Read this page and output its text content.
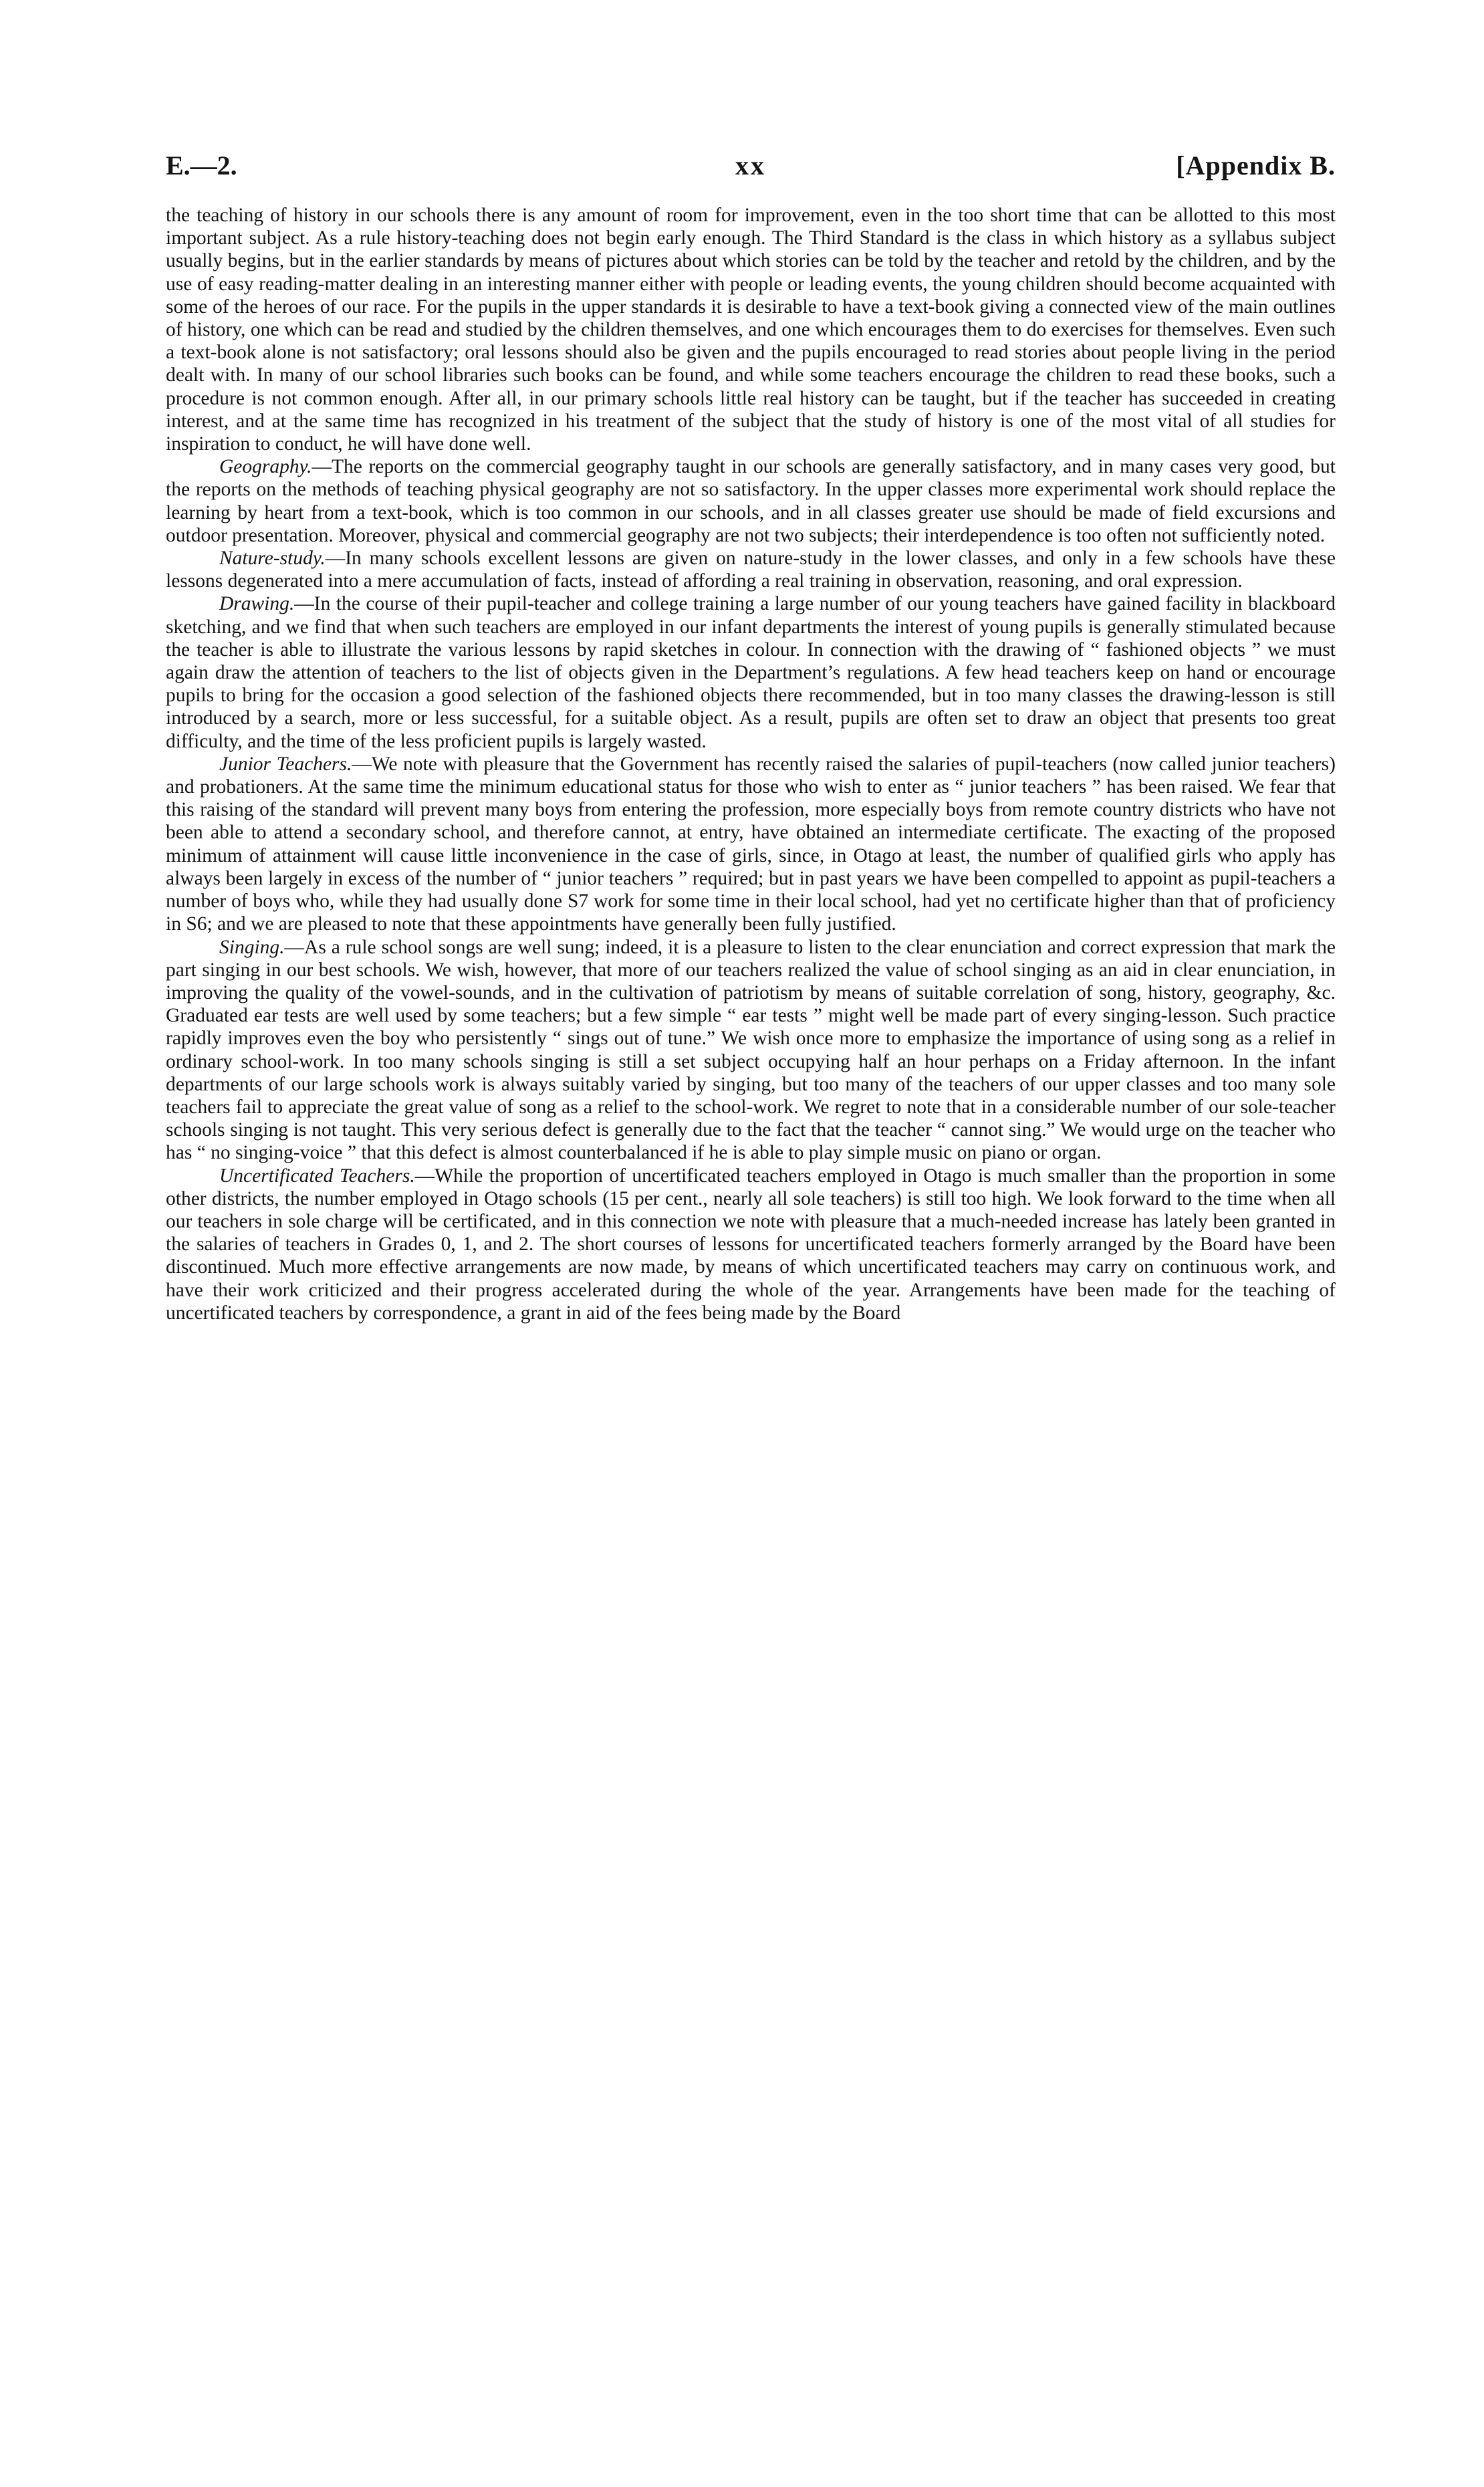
E.—2.	xx	[Appendix B.

the teaching of history in our schools there is any amount of room for improvement, even in the too short time that can be allotted to this most important subject. As a rule history-teaching does not begin early enough. The Third Standard is the class in which history as a syllabus subject usually begins, but in the earlier standards by means of pictures about which stories can be told by the teacher and retold by the children, and by the use of easy reading-matter dealing in an interesting manner either with people or leading events, the young children should become acquainted with some of the heroes of our race. For the pupils in the upper standards it is desirable to have a text-book giving a connected view of the main outlines of history, one which can be read and studied by the children themselves, and one which encourages them to do exercises for themselves. Even such a text-book alone is not satisfactory; oral lessons should also be given and the pupils encouraged to read stories about people living in the period dealt with. In many of our school libraries such books can be found, and while some teachers encourage the children to read these books, such a procedure is not common enough. After all, in our primary schools little real history can be taught, but if the teacher has succeeded in creating interest, and at the same time has recognized in his treatment of the subject that the study of history is one of the most vital of all studies for inspiration to conduct, he will have done well.

Geography.—The reports on the commercial geography taught in our schools are generally satisfactory, and in many cases very good, but the reports on the methods of teaching physical geography are not so satisfactory. In the upper classes more experimental work should replace the learning by heart from a text-book, which is too common in our schools, and in all classes greater use should be made of field excursions and outdoor presentation. Moreover, physical and commercial geography are not two subjects; their interdependence is too often not sufficiently noted.

Nature-study.—In many schools excellent lessons are given on nature-study in the lower classes, and only in a few schools have these lessons degenerated into a mere accumulation of facts, instead of affording a real training in observation, reasoning, and oral expression.

Drawing.—In the course of their pupil-teacher and college training a large number of our young teachers have gained facility in blackboard sketching, and we find that when such teachers are employed in our infant departments the interest of young pupils is generally stimulated because the teacher is able to illustrate the various lessons by rapid sketches in colour. In connection with the drawing of “ fashioned objects ” we must again draw the attention of teachers to the list of objects given in the Department’s regulations. A few head teachers keep on hand or encourage pupils to bring for the occasion a good selection of the fashioned objects there recommended, but in too many classes the drawing-lesson is still introduced by a search, more or less successful, for a suitable object. As a result, pupils are often set to draw an object that presents too great difficulty, and the time of the less proficient pupils is largely wasted.

Junior Teachers.—We note with pleasure that the Government has recently raised the salaries of pupil-teachers (now called junior teachers) and probationers. At the same time the minimum educational status for those who wish to enter as “ junior teachers ” has been raised. We fear that this raising of the standard will prevent many boys from entering the profession, more especially boys from remote country districts who have not been able to attend a secondary school, and therefore cannot, at entry, have obtained an intermediate certificate. The exacting of the proposed minimum of attainment will cause little inconvenience in the case of girls, since, in Otago at least, the number of qualified girls who apply has always been largely in excess of the number of “ junior teachers ” required; but in past years we have been compelled to appoint as pupil-teachers a number of boys who, while they had usually done S7 work for some time in their local school, had yet no certificate higher than that of proficiency in S6; and we are pleased to note that these appointments have generally been fully justified.

Singing.—As a rule school songs are well sung; indeed, it is a pleasure to listen to the clear enunciation and correct expression that mark the part singing in our best schools. We wish, however, that more of our teachers realized the value of school singing as an aid in clear enunciation, in improving the quality of the vowel-sounds, and in the cultivation of patriotism by means of suitable correlation of song, history, geography, &c. Graduated ear tests are well used by some teachers; but a few simple “ ear tests ” might well be made part of every singing-lesson. Such practice rapidly improves even the boy who persistently “ sings out of tune.” We wish once more to emphasize the importance of using song as a relief in ordinary school-work. In too many schools singing is still a set subject occupying half an hour perhaps on a Friday afternoon. In the infant departments of our large schools work is always suitably varied by singing, but too many of the teachers of our upper classes and too many sole teachers fail to appreciate the great value of song as a relief to the school-work. We regret to note that in a considerable number of our sole-teacher schools singing is not taught. This very serious defect is generally due to the fact that the teacher “ cannot sing.” We would urge on the teacher who has “ no singing-voice ” that this defect is almost counterbalanced if he is able to play simple music on piano or organ.

Uncertificated Teachers.—While the proportion of uncertificated teachers employed in Otago is much smaller than the proportion in some other districts, the number employed in Otago schools (15 per cent., nearly all sole teachers) is still too high. We look forward to the time when all our teachers in sole charge will be certificated, and in this connection we note with pleasure that a much-needed increase has lately been granted in the salaries of teachers in Grades 0, 1, and 2. The short courses of lessons for uncertificated teachers formerly arranged by the Board have been discontinued. Much more effective arrangements are now made, by means of which uncertificated teachers may carry on continuous work, and have their work criticized and their progress accelerated during the whole of the year. Arrangements have been made for the teaching of uncertificated teachers by correspondence, a grant in aid of the fees being made by the Board
